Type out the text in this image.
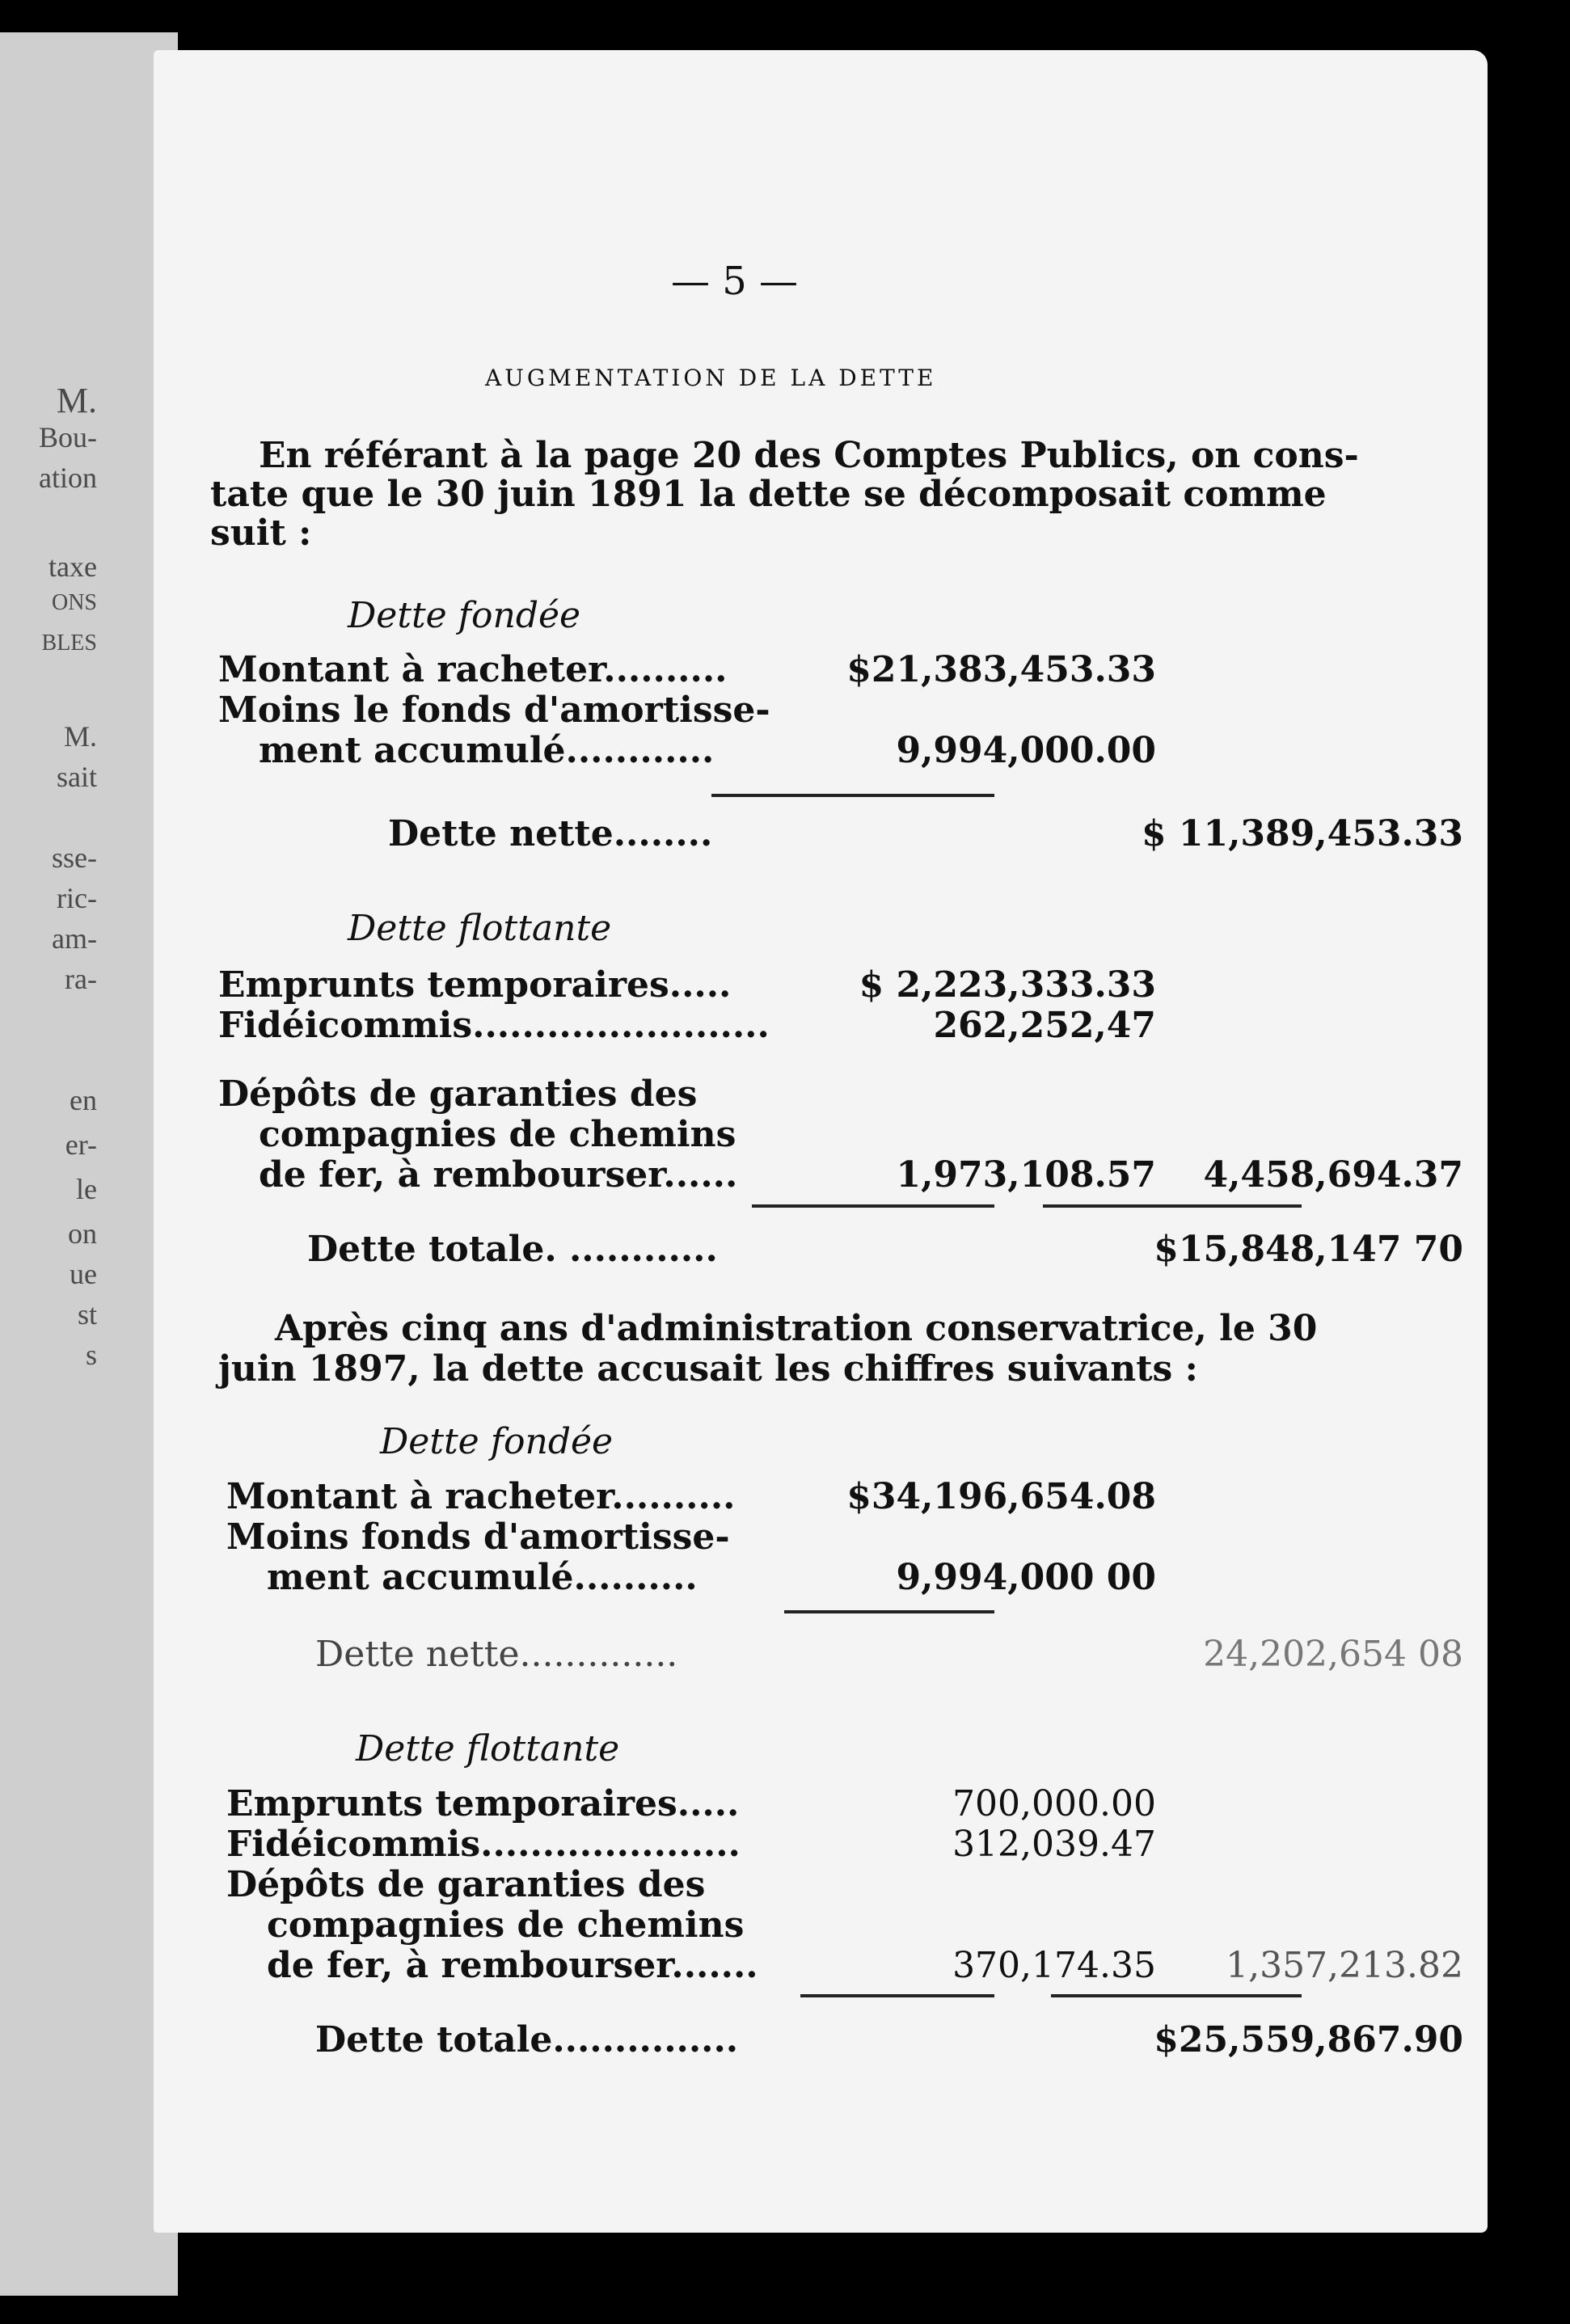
M.
Bou-
ation
taxe
ONS
BLES
M.
sait
sse-
ric-
am-
ra-
en
er-
le
on
ue
st
s
— 5 —
AUGMENTATION DE LA DETTE
En référant à la page 20 des Comptes Publics, on cons-
tate que le 30 juin 1891 la dette se décomposait comme
suit :
Dette fondée
Montant à racheter..........	$21,383,453.33
Moins le fonds d'amortisse-
ment accumulé............	9,994,000.00
Dette nette........	$ 11,389,453.33
Dette flottante
Emprunts temporaires.....	$ 2,223,333.33
Fidéicommis........................	262,252,47
Dépôts de garanties des
compagnies de chemins
de fer, à rembourser......	1,973,108.57 4,458,694.37
Dette totale. ............	$15,848,147 70
Après cinq ans d'administration conservatrice, le 30
juin 1897, la dette accusait les chiffres suivants :
Dette fondée
Montant à racheter..........	$34,196,654.08
Moins fonds d'amortisse-
ment accumulé..........	9,994,000 00
Dette nette..............	24,202,654 08
Dette flottante
Emprunts temporaires.....	700,000.00
Fidéicommis.....................	312,039.47
Dépôts de garanties des
compagnies de chemins
de fer, à rembourser.......	370,174.35 1,357,213.82
Dette totale...............	$25,559,867.90
